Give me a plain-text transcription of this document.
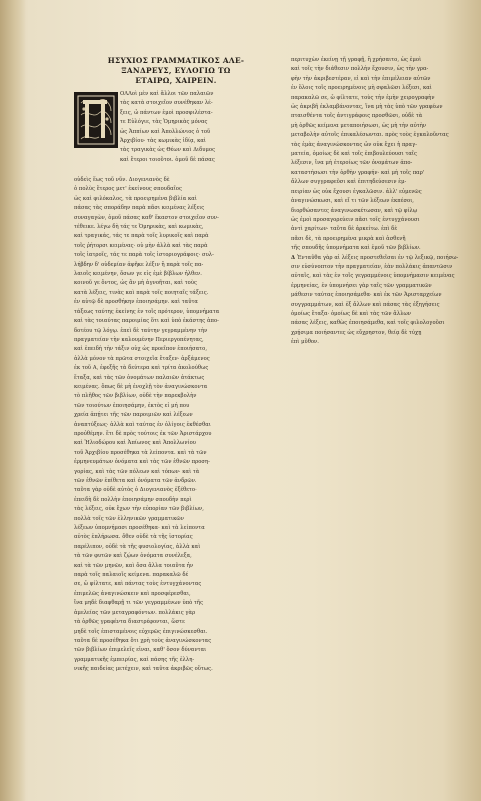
ΗΣΥΧΙΟΣ ΓΡΑΜΜΑΤΙΚΟΣ ΑΛΕ-
ΞΑΝΔΡΕΥΣ, ΕΥΛΟΓΙΩ ΤΩ
ΕΤΑΙΡΩ, ΧΑΙΡΕΙΝ.
ΟΛΛοὶ μὲν καὶ ἄλλοι τῶν παλαιῶν
τὰς κατὰ στοιχεῖον συνέθηκαν λέ-
ξεις, ὦ πάντων ἐμοὶ προσφιλέστα-
τε Εὐλόγιε, τὰς Ὁμηρικὰς μόνας
ὡς Ἀππίων καὶ Ἀπολλώνιος ὁ τοῦ
Ἀρχιβίου· τὰς κωμικὰς ἰδίᾳ, καὶ
τὰς τραγικὰς ὡς Θέων καὶ Διδυμος
καὶ ἕτεροι τοιοῦτοι. ὁμοῦ δὲ πάσας
οὐδεὶς ἕως τοῦ νῦν. Διογενιανὸς δὲ
ὁ πολὺς ἕτερος μετ' ἐκείνους σπουδαῖος
ὡς καὶ φιλόκαλος, τὰ προειρημένα βιβλία καὶ
πάσας τὰς σποράδην παρὰ πᾶσι κειμένας λέξεις
συναγαγὼν, ὁμοῦ πάσας καθ' ἕκαστον στοιχεῖον συν-
τέθεικε. λέγω δὴ τάς τε Ὁμηρικὰς, καὶ κωμικὰς,
καὶ τραγικάς, τάς τε παρὰ τοῖς λυρικοῖς καὶ παρὰ
τοῖς ῥήτορσι κειμένας· οὐ μὴν ἀλλὰ καὶ τὰς παρὰ
τοῖς ἰατροῖς, τάς τε παρὰ τοῖς ἱστοριογράφοις· συλ-
λήβδην δ' οὐδεμίαν ἀφῆκε λέξιν ἢ παρὰ τοῖς πα-
λαιοῖς κειμένην, ὅσων γε εἰς ἐμὲ βίβλων ἦλθεν.
κοινοῦ γε ὄντος, ὡς ἂν μὴ ἀγνοῆται, καὶ τοὺς
κατὰ λέξεις, τινὰς καὶ παρὰ τοῖς ποιηταῖς τάξεις.
ἐν αὐτῷ δὲ προσθήκην ἐποιησάμην. καὶ ταῦτα
τάξεως ταύτης ἐκείνης ἐν τοῖς πρότερον, ὑπομνήματα
καὶ τὰς τοιαύτας παροιμίας ὅτι καὶ ὑπὸ ἑκάστης ἀπο-
δοτέου τῷ λόγῳ. ἐπεὶ δὲ ταύτην γεγραμμένην τὴν
πραγματείαν τὴν καλουμένην Περιεργοπένητας,
καὶ ἐπειδὴ τὴν τάξιν οὐχ ὡς προεῖπον ἐποιήσατο,
ἀλλὰ μόνον τὰ πρῶτα στοιχεῖα ἔταξεν· ἀρξάμενος
ἐκ τοῦ Α, ἐφεξῆς τὰ δεύτερα καὶ τρίτα ἀκολούθως
ἔταξα, καὶ τὰς τῶν ὀνομάτων παλαιῶν ἀτάκτως
κειμένας. ὅπως δὲ μὴ ἐνοχλῇ τὸν ἀναγινώσκοντα
τὸ πλῆθος τῶν βιβλίων, οὐδὲ τὴν παρεκβολὴν
τῶν τοιούτων ἐποιησάμην, ἐκτὸς εἰ μή που
χρεία ἀπῄτει τῆς τῶν παροιμιῶν καὶ λέξεων
ἀναπτύξεως· ἀλλὰ καὶ ταύτας ἐν ὀλίγοις ἐκθέσθαι
προὐθέμην. ἔτι δὲ πρὸς τούτοις ἐκ τῶν Ἀριστάρχου
καὶ Ἡλιοδώρου καὶ Ἀπίωνος καὶ Ἀπολλωνίου
τοῦ Ἀρχιβίου προσέθηκα τὰ λείποντα. καὶ τὰ τῶν
ἑρμηνευμάτων ὀνόματα καὶ τὰς τῶν ἐθνῶν προση-
γορίας, καὶ τὰς τῶν πόλεων καὶ τόπων· καὶ τὰ
τῶν ἐθνῶν ἐπίθετα καὶ ὀνόματα τῶν ἀνδρῶν.
ταῦτα γὰρ οὐδὲ αὐτὸς ὁ Διογενιανὸς ἐξέθετο·
ἐπειδὴ δὲ πολλὴν ἐποιησάμην σπουδὴν περὶ
τὰς λέξεις, οὐκ ἔχων τὴν εὐπορίαν τῶν βιβλίων,
πολλὰ τοῖς τῶν ἑλληνικῶν γραμματικῶν
λέξεων ὑπομνήμασι προσέθηκα· καὶ τὰ λείποντα
αὐτὸς ἐπλήρωσα. ὅθεν οὐδὲ τὰ τῆς ἱστορίας
παρέλιπον, οὐδὲ τὰ τῆς φυσιολογίας, ἀλλὰ καὶ
τὰ τῶν φυτῶν καὶ ζῴων ὀνόματα συνέλεξα,
καὶ τὰ τῶν μηνῶν, καὶ ὅσα ἄλλα τοιαῦτα ἦν
παρὰ τοῖς παλαιοῖς κείμενα. παρακαλῶ δέ
σε, ὦ φίλτατε, καὶ πάντας τοὺς ἐντυγχάνοντας
ἐπιμελῶς ἀναγινώσκειν καὶ προσφέρεσθαι,
ἵνα μηδὲ διαφθαρῇ τι τῶν γεγραμμένων ὑπὸ τῆς
ἀμελείας τῶν μεταγραφόντων. πολλάκις γὰρ
τὰ ὀρθῶς γραφέντα διαστρέφονται, ὥστε
μηδὲ τοῖς ἐπισταμένοις εὐχερῶς ἐπιγινώσκεσθαι.
ταῦτα δὲ προσέθηκα ὅτι χρὴ τοὺς ἀναγινώσκοντας
τῶν βιβλίων ἐπιμελεῖς εἶναι, καθ' ὅσον δύνανται
γραμματικῆς ἐμπειρίας, καὶ πάσης τῆς ἑλλη-
νικῆς παιδείας μετέχειν, καὶ ταῦτα ἀκριβῶς οὕτως.
περιτυχὼν ἐκείνῃ τῇ γραφῇ, ἢ χρήσαιτο, ὡς ἐμοὶ
καὶ τοῖς τὴν διάθεσιν πολλὴν ἔχουσιν, ὡς τὴν γρα-
φὴν τὴν ἀκριβεστέραν, εἰ καὶ τὴν ἐπιμέλειαν αὐτῶν
ἐν ὅλοις τοῖς προειρημένοις μὴ σφαλῶσι λέξεσι, καὶ
παρακαλῶ σε, ὦ φίλτατε, τοὺς τὴν ἐμὴν χειρογραφὴν
ὡς ἀκριβῆ ἐκλαμβάνοντας, ἵνα μὴ τὰς ὑπὸ τῶν γραφέων
πταισθέντα τοῖς ἀντιγράφοις προσθῶσι, οὐδὲ τὰ
μὴ ὀρθῶς κείμενα μεταποιήσωσι, ὡς μὴ τὴν αὐτὴν
μεταβολὴν αὐτοῖς ἐπικαλέσωνται. πρὸς τοὺς ἐγκαλοῦντας
τὰς ἐμὰς ἀναγινώσκοντας ὧν οὐκ ἔχει ἡ πραγ-
ματεία, ὁμοίως δὲ καὶ τοῖς ἐπιβουλεύουσι ταῖς
λέξεσιν, ἵνα μὴ ἑτεροίως τῶν ὀνομάτων ἀπο-
καταστήσωσι τὴν ὀρθὴν γραφήν· καὶ μὴ τοῖς παρ'
ἄλλων συγγραφεῦσι καὶ ἐπιτηδεύσεσιν ἐμ-
πειρίαν ὡς οὐκ ἔχουσι ἐγκαλῶσιν. ἀλλ' εὐμενῶς
ἀναγινώσκωσι, καὶ εἴ τι τῶν λέξεων ἐκπέσοι,
διορθώσαντες ἀναγινωσκέτωσαν, καὶ τῷ φίλῳ
ὡς ἐμοὶ προσαγορεύειν πᾶσι τοῖς ἐντυγχάνουσι
ἀντὶ χαρίτων· ταῦτα δὲ ἀρκείτω. ἐπὶ δὲ
πᾶσι δὲ, τὰ προειρημένα μικρὰ καὶ ἀσθενῆ
τῆς σπουδῆς ὑπομνήματα καὶ ἐμοῦ τῶν βιβλίων.
Δ Ἐνταῦθα γὰρ αἱ λέξεις προστεθεῖσαι ἐν τῷ λεξικῷ, ποιήσω-
σιν εὐσύνοπτον τὴν πραγματείαν, ἐὰν πολλάκις ἀπαντῶσιν
αὐταῖς, καὶ τὰς ἐν τοῖς γεγραμμένοις ὑπομνήμασιν κειμένας
ἑρμηνείας, ἐν ὑπομνήσει γὰρ ταῖς τῶν γραμματικῶν
μάθεσιν ταύτας ἐποιησάμεθα· καὶ ἐκ τῶν Ἀρισταρχείων
συγγραμμάτων, καὶ ἐξ ἄλλων καὶ πάσας τὰς ἐξηγήσεις
ὁμοίως ἔταξα· ὁμοίως δὲ καὶ τὰς τῶν ἄλλων
πάσας λέξεις, καθὼς ἐποιησάμεθα, καὶ τοῖς φιλολογοῦσι
χρῄσιμα ποιήσαντες ὡς εὔχρηστον, θείᾳ δὲ τύχῃ
ἐπὶ μῦθον.
